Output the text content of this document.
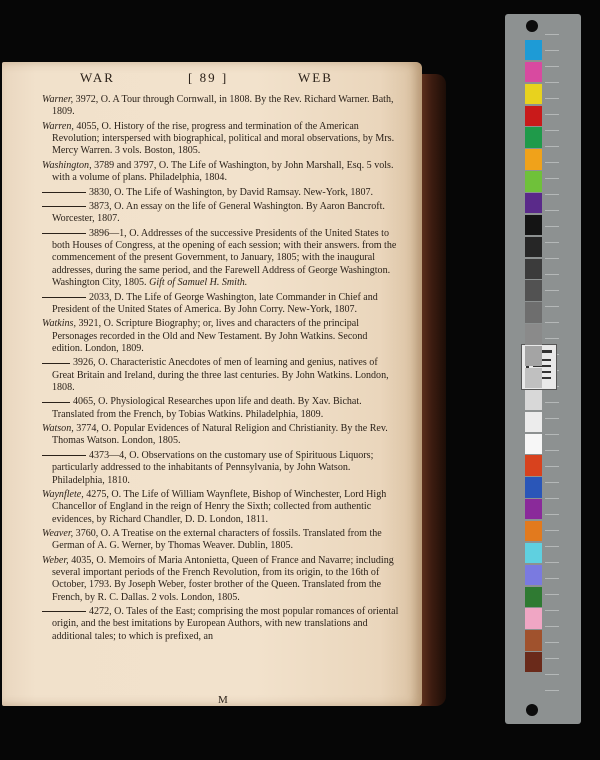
WAR	[ 89 ]	WEB
Warner, 3972, O. A Tour through Cornwall, in 1808. By the Rev. Richard Warner. Bath, 1809.
Warren, 4055, O. History of the rise, progress and termination of the American Revolution; interspersed with biographical, political and moral observations, by Mrs. Mercy Warren. 3 vols. Boston, 1805.
Washington, 3789 and 3797, O. The Life of Washington, by John Marshall, Esq. 5 vols. with a volume of plans. Philadelphia, 1804.
3830, O. The Life of Washington, by David Ramsay. New-York, 1807.
3873, O. An essay on the life of General Washington. By Aaron Bancroft. Worcester, 1807.
3896—1, O. Addresses of the successive Presidents of the United States to both Houses of Congress, at the opening of each session; with their answers. from the commencement of the present Government, to January, 1805; with the inaugural addresses, during the same period, and the Farewell Address of George Washington. Washington City, 1805. Gift of Samuel H. Smith.
2033, D. The Life of George Washington, late Commander in Chief and President of the United States of America. By John Corry. New-York, 1807.
Watkins, 3921, O. Scripture Biography; or, lives and characters of the principal Personages recorded in the Old and New Testament. By John Watkins. Second edition. London, 1809.
3926, O. Characteristic Anecdotes of men of learning and genius, natives of Great Britain and Ireland, during the three last centuries. By John Watkins. London, 1808.
4065, O. Physiological Researches upon life and death. By Xav. Bichat. Translated from the French, by Tobias Watkins. Philadelphia, 1809.
Watson, 3774, O. Popular Evidences of Natural Religion and Christianity. By the Rev. Thomas Watson. London, 1805.
4373—4, O. Observations on the customary use of Spirituous Liquors; particularly addressed to the inhabitants of Pennsylvania, by John Watson. Philadelphia, 1810.
Waynflete, 4275, O. The Life of William Waynflete, Bishop of Winchester, Lord High Chancellor of England in the reign of Henry the Sixth; collected from authentic evidences, by Richard Chandler, D. D. London, 1811.
Weaver, 3760, O. A Treatise on the external characters of fossils. Translated from the German of A. G. Werner, by Thomas Weaver. Dublin, 1805.
Weber, 4035, O. Memoirs of Maria Antonietta, Queen of France and Navarre; including several important periods of the French Revolution, from its origin, to the 16th of October, 1793. By Joseph Weber, foster brother of the Queen. Translated from the French, by R. C. Dallas. 2 vols. London, 1805.
4272, O. Tales of the East; comprising the most popular romances of oriental origin, and the best imitations by European Authors, with new translations and additional tales; to which is prefixed, an
M
